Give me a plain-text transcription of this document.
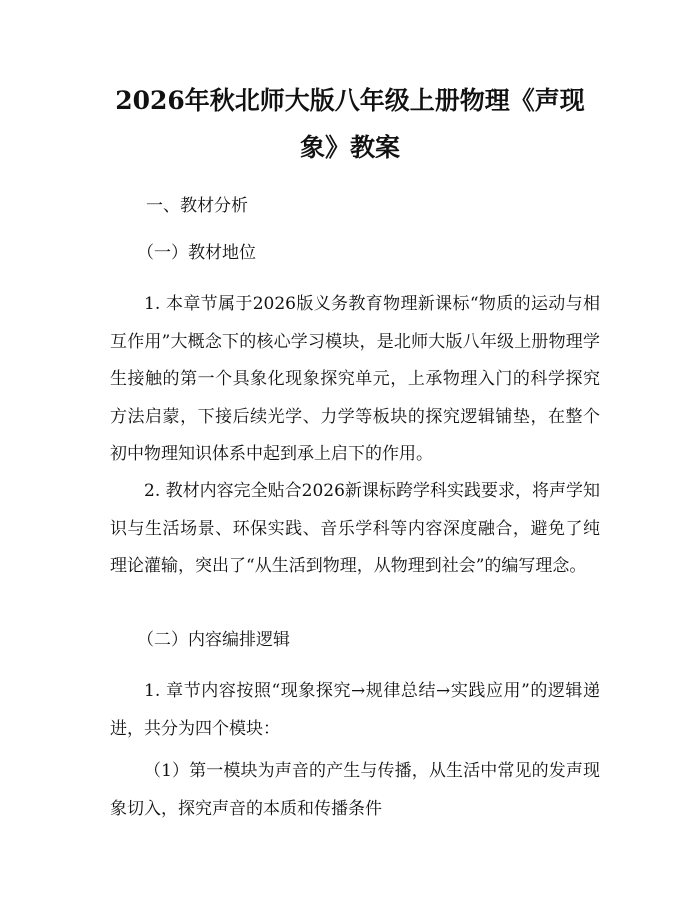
2026年秋北师大版八年级上册物理《声现
象》教案
一、教材分析
（一）教材地位

1. 本章节属于2026版义务教育物理新课标“物质的运动与相互作用”大概念下的核心学习模块，是北师大版八年级上册物理学生接触的第一个具象化现象探究单元，上承物理入门的科学探究方法启蒙，下接后续光学、力学等板块的探究逻辑铺垫，在整个初中物理知识体系中起到承上启下的作用。

2. 教材内容完全贴合2026新课标跨学科实践要求，将声学知识与生活场景、环保实践、音乐学科等内容深度融合，避免了纯理论灌输，突出了“从生活到物理，从物理到社会”的编写理念。

（二）内容编排逻辑

1. 章节内容按照“现象探究→规律总结→实践应用”的逻辑递进，共分为四个模块：

（1）第一模块为声音的产生与传播，从生活中常见的发声现象切入，探究声音的本质和传播条件
